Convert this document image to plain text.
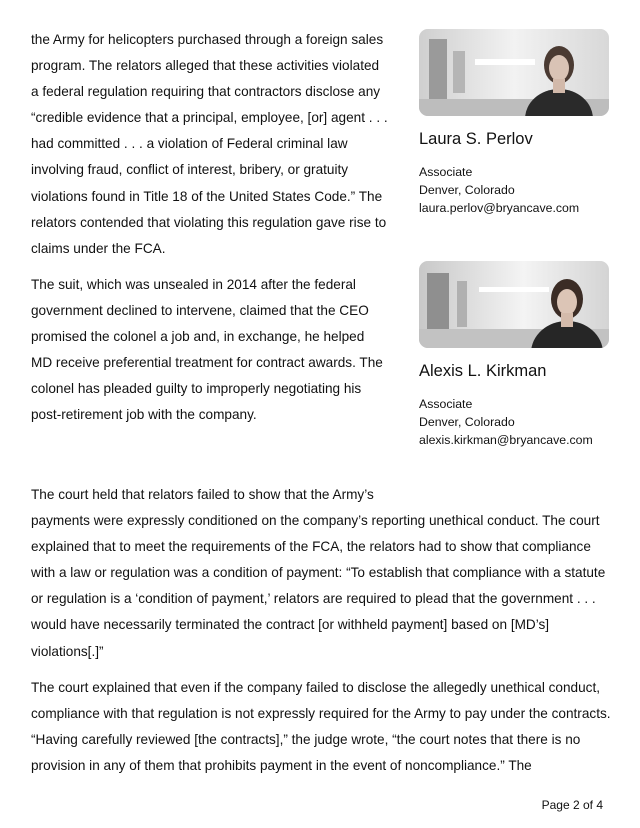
the Army for helicopters purchased through a foreign sales program. The relators alleged that these activities violated a federal regulation requiring that contractors disclose any “credible evidence that a principal, employee, [or] agent . . . had committed . . . a violation of Federal criminal law involving fraud, conflict of interest, bribery, or gratuity violations found in Title 18 of the United States Code.” The relators contended that violating this regulation gave rise to claims under the FCA.

The suit, which was unsealed in 2014 after the federal government declined to intervene, claimed that the CEO promised the colonel a job and, in exchange, he helped MD receive preferential treatment for contract awards. The colonel has pleaded guilty to improperly negotiating his post-retirement job with the company.

Laura S. Perlov
Associate
Denver, Colorado
laura.perlov@bryancave.com
Alexis L. Kirkman
Associate
Denver, Colorado
alexis.kirkman@bryancave.com

The court held that relators failed to show that the Army’s
payments were expressly conditioned on the company’s reporting unethical conduct. The court explained that to meet the requirements of the FCA, the relators had to show that compliance with a law or regulation was a condition of payment: “To establish that compliance with a statute or regulation is a ‘condition of payment,’ relators are required to plead that the government . . . would have necessarily terminated the contract [or withheld payment] based on [MD’s] violations[.]”

The court explained that even if the company failed to disclose the allegedly unethical conduct, compliance with that regulation is not expressly required for the Army to pay under the contracts. “Having carefully reviewed [the contracts],” the judge wrote, “the court notes that there is no provision in any of them that prohibits payment in the event of noncompliance.” The

Page 2 of 4
